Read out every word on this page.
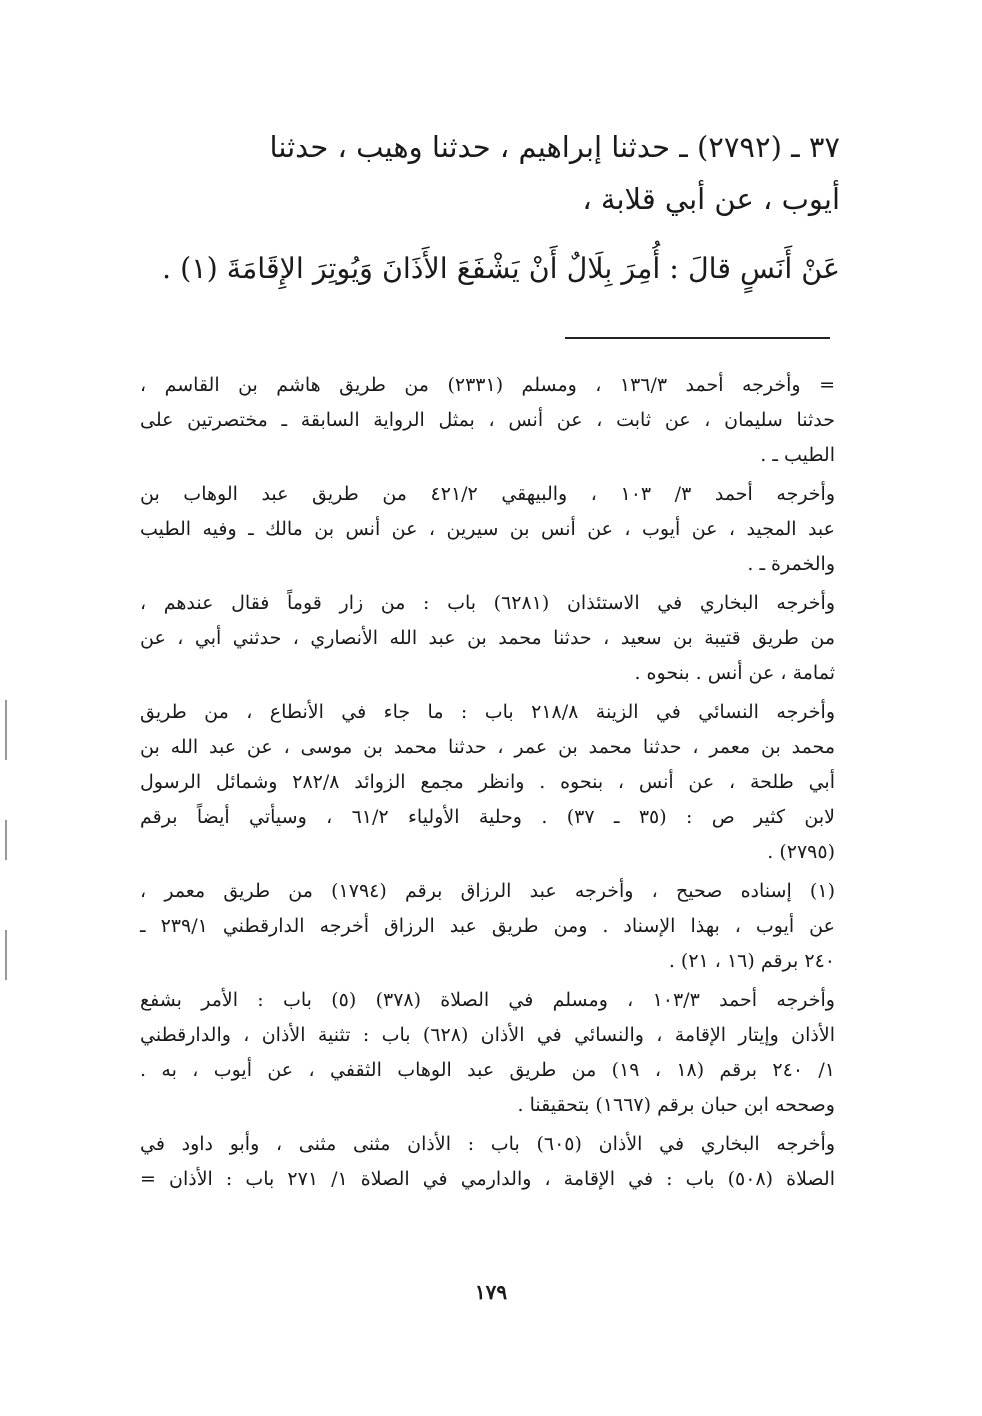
٣٧ ـ (٢٧٩٢) ـ حدثنا إبراهيم ، حدثنا وهيب ، حدثنا
أيوب ، عن أبي قلابة ،
عَنْ أَنَسٍ قالَ : أُمِرَ بِلَالٌ أَنْ يَشْفَعَ الأَذَانَ وَيُوتِرَ الإِقَامَةَ (١) .
= وأخرجه أحمد ١٣٦/٣ ، ومسلم (٢٣٣١) من طريق هاشم بن القاسم ،
حدثنا سليمان ، عن ثابت ، عن أنس ، بمثل الرواية السابقة ـ مختصرتين على
الطيب ـ .
وأخرجه أحمد ٣/ ١٠٣ ، والبيهقي ٤٢١/٢ من طريق عبد الوهاب بن
عبد المجيد ، عن أيوب ، عن أنس بن سيرين ، عن أنس بن مالك ـ وفيه الطيب
والخمرة ـ .
وأخرجه البخاري في الاستئذان (٦٢٨١) باب : من زار قوماً فقال عندهم ،
من طريق قتيبة بن سعيد ، حدثنا محمد بن عبد الله الأنصاري ، حدثني أبي ، عن
ثمامة ، عن أنس . بنحوه .
وأخرجه النسائي في الزينة ٢١٨/٨ باب : ما جاء في الأنطاع ، من طريق
محمد بن معمر ، حدثنا محمد بن عمر ، حدثنا محمد بن موسى ، عن عبد الله بن
أبي طلحة ، عن أنس ، بنحوه . وانظر مجمع الزوائد ٢٨٢/٨ وشمائل الرسول
لابن كثير ص : (٣٥ ـ ٣٧) . وحلية الأولياء ٦١/٢ ، وسيأتي أيضاً برقم
(٢٧٩٥) .
(١) إسناده صحيح ، وأخرجه عبد الرزاق برقم (١٧٩٤) من طريق معمر ،
عن أيوب ، بهذا الإسناد . ومن طريق عبد الرزاق أخرجه الدارقطني ٢٣٩/١ ـ
٢٤٠ برقم (١٦ ، ٢١) .
وأخرجه أحمد ١٠٣/٣ ، ومسلم في الصلاة (٣٧٨) (٥) باب : الأمر بشفع
الأذان وإيتار الإقامة ، والنسائي في الأذان (٦٢٨) باب : تثنية الأذان ، والدارقطني
١/ ٢٤٠ برقم (١٨ ، ١٩) من طريق عبد الوهاب الثقفي ، عن أيوب ، به .
وصححه ابن حبان برقم (١٦٦٧) بتحقيقنا .
وأخرجه البخاري في الأذان (٦٠٥) باب : الأذان مثنى مثنى ، وأبو داود في
الصلاة (٥٠٨) باب : في الإقامة ، والدارمي في الصلاة ١/ ٢٧١ باب : الأذان =
١٧٩
